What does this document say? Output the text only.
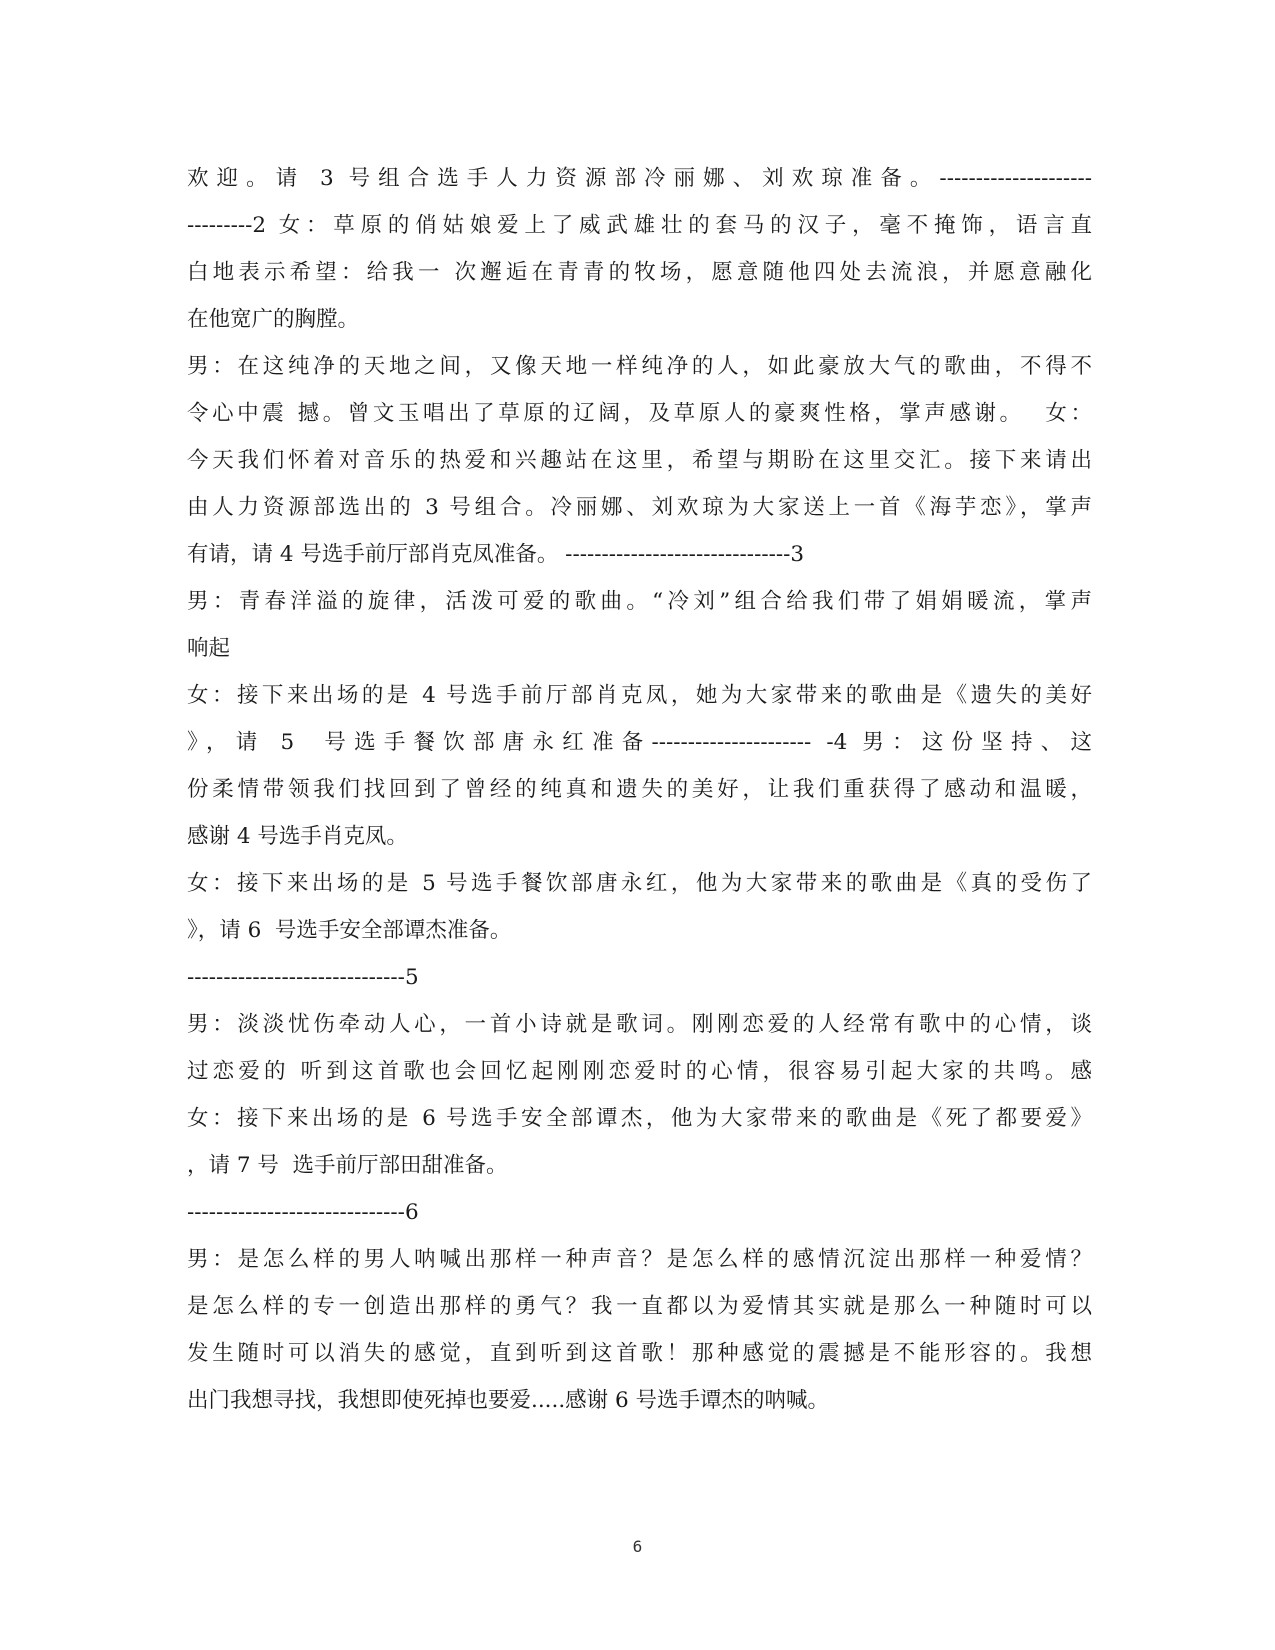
欢迎。请 3 号组合选手人力资源部冷丽娜、刘欢琼准备。---------------------
---------2 女：草原的俏姑娘爱上了威武雄壮的套马的汉子，毫不掩饰，语言直
白地表示希望：给我一 次邂逅在青青的牧场，愿意随他四处去流浪，并愿意融化
在他宽广的胸膛。
男：在这纯净的天地之间，又像天地一样纯净的人，如此豪放大气的歌曲，不得不
令心中震 撼。曾文玉唱出了草原的辽阔，及草原人的豪爽性格，掌声感谢。  女：
今天我们怀着对音乐的热爱和兴趣站在这里，希望与期盼在这里交汇。接下来请出
由人力资源部选出的 3 号组合。冷丽娜、刘欢琼为大家送上一首《海芋恋》，掌声
有请，请 4 号选手前厅部肖克凤准备。 -------------------------------3
男：青春洋溢的旋律，活泼可爱的歌曲。“冷刘”组合给我们带了娟娟暖流，掌声
响起
女：接下来出场的是 4 号选手前厅部肖克凤，她为大家带来的歌曲是《遗失的美好
》，请 5  号选手餐饮部唐永红准备---------------------- -4 男：这份坚持、这
份柔情带领我们找回到了曾经的纯真和遗失的美好，让我们重获得了感动和温暖，
感谢 4 号选手肖克凤。
女：接下来出场的是 5 号选手餐饮部唐永红，他为大家带来的歌曲是《真的受伤了
》，请 6  号选手安全部谭杰准备。
------------------------------5
男：淡淡忧伤牵动人心，一首小诗就是歌词。刚刚恋爱的人经常有歌中的心情，谈
过恋爱的 听到这首歌也会回忆起刚刚恋爱时的心情，很容易引起大家的共鸣。感
女：接下来出场的是 6 号选手安全部谭杰，他为大家带来的歌曲是《死了都要爱》
，请 7 号  选手前厅部田甜准备。
------------------------------6
男：是怎么样的男人呐喊出那样一种声音？是怎么样的感情沉淀出那样一种爱情？
是怎么样的专一创造出那样的勇气？我一直都以为爱情其实就是那么一种随时可以
发生随时可以消失的感觉，直到听到这首歌！那种感觉的震撼是不能形容的。我想
出门我想寻找，我想即使死掉也要爱.....感谢 6 号选手谭杰的呐喊。
6
